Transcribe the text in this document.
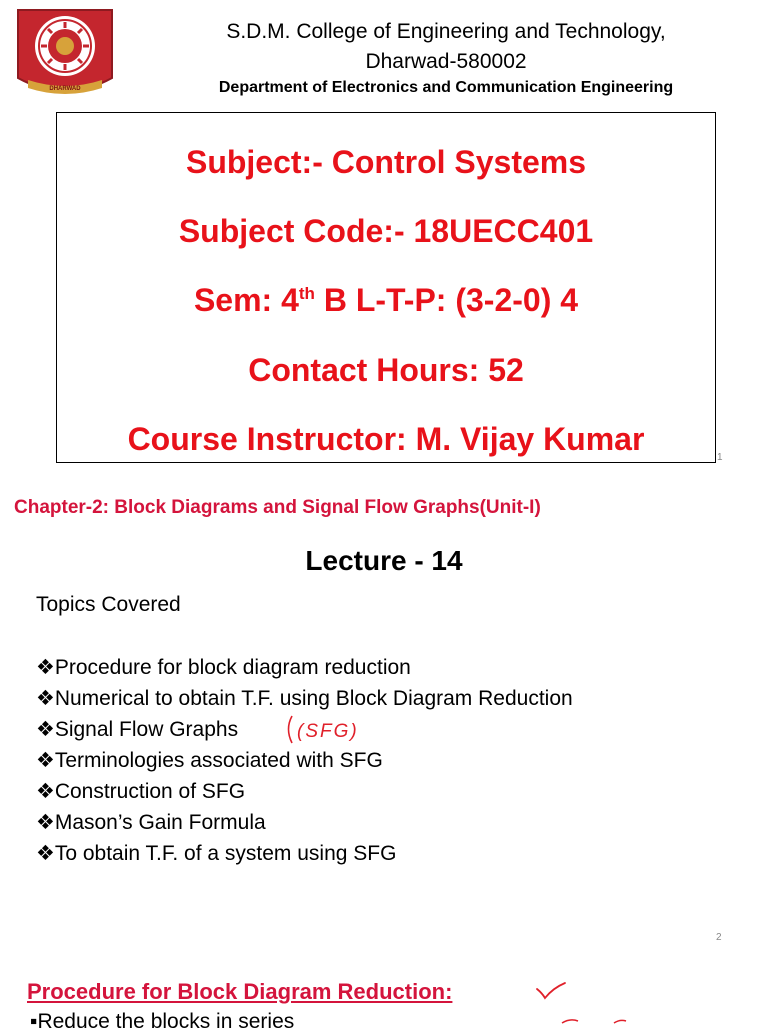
DHARWAD
S.D.M. College of Engineering and Technology,
Dharwad-580002
Department of Electronics and Communication Engineering
Subject:- Control Systems
Subject Code:- 18UECC401
Sem: 4th B L-T-P: (3-2-0) 4
Contact Hours: 52
Course Instructor: M. Vijay Kumar
1
Chapter-2: Block Diagrams and Signal Flow Graphs(Unit-I)
Lecture - 14
Topics Covered
❖Procedure for block diagram reduction
❖Numerical to obtain T.F. using Block Diagram Reduction
❖Signal Flow Graphs
❖Terminologies associated with SFG
❖Construction of SFG
❖Mason’s Gain Formula
❖To obtain T.F. of a system using SFG
(SFG)
2
Procedure for Block Diagram Reduction:
▪Reduce the blocks in series
